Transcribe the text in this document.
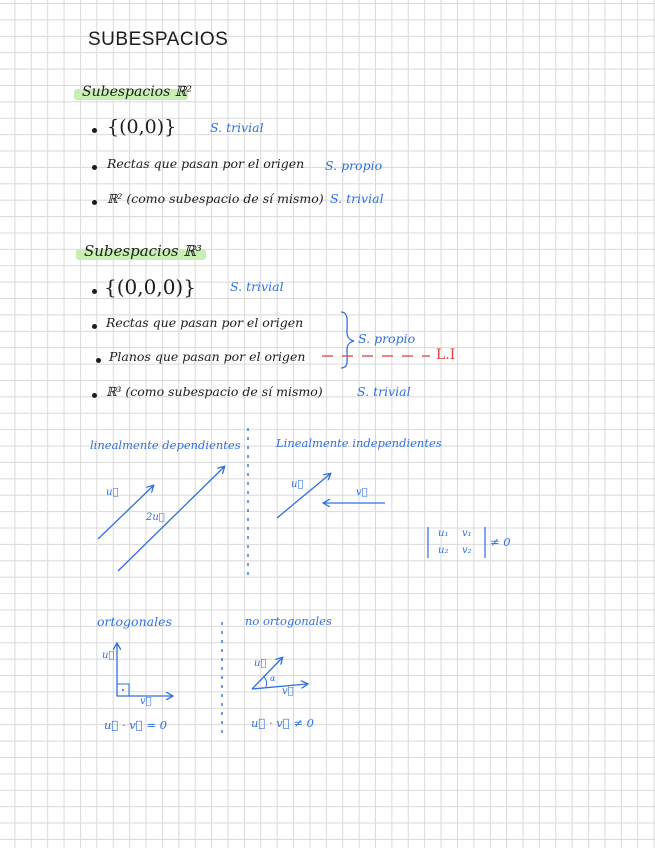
SUBESPACIOS
Subespacios ℝ²
{(0,0)}	S. trivial
Rectas que pasan por el origen S. propio
ℝ² (como subespacio de sí mismo) S. trivial
Subespacios ℝ³
{(0,0,0)}	S. trivial
Rectas que pasan por el origen
Planos que pasan por el origen
S. propio
L.I
ℝ³ (como subespacio de sí mismo)	S. trivial
linealmente dependientes	Linealmente independientes
u⃗
2u⃗
u⃗
v⃗
u₁ v₁
u₂ v₂
≠ 0
ortogonales	no ortogonales
u⃗
v⃗
u⃗
v⃗
α
u⃗ · v⃗ = 0	u⃗ · v⃗ ≠ 0
